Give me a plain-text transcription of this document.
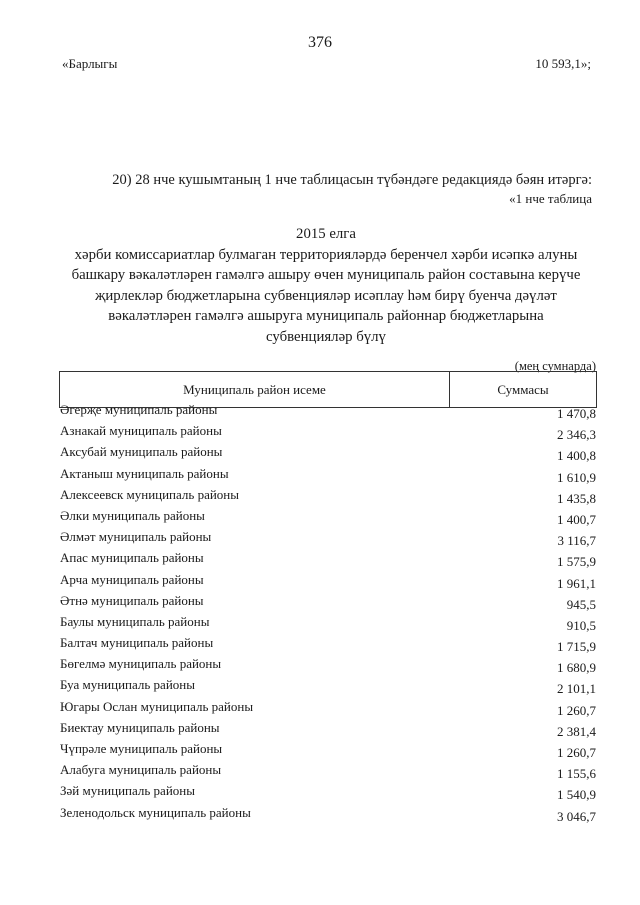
376
«Барлыгы	10 593,1»;
20) 28 нче кушымтаның 1 нче таблицасын түбәндәге редакциядә бәян итәргә:
«1 нче таблица
2015 елга
хәрби комиссариатлар булмаган территорияләрдә беренчел хәрби исәпкә алуны
башкару вәкаләтләрен гамәлгә ашыру өчен муниципаль район составына керүче
җирлекләр бюджетларына субвенцияләр исәплау һәм бирү буенча дәүләт
вәкаләтләрен гамәлгә ашыруга муниципаль районнар бюджетларына
субвенцияләр бүлү
(мең сумнарда)
Муниципаль район исеме	Суммасы
Әгерҗе муниципаль районы	1 470,8
Азнакай муниципаль районы	2 346,3
Аксубай муниципаль районы	1 400,8
Актаныш муниципаль районы	1 610,9
Алексеевск муниципаль районы	1 435,8
Әлки муниципаль районы	1 400,7
Әлмәт муниципаль районы	3 116,7
Апас муниципаль районы	1 575,9
Арча муниципаль районы	1 961,1
Әтнә муниципаль районы	945,5
Баулы муниципаль районы	910,5
Балтач муниципаль районы	1 715,9
Бөгелмә муниципаль районы	1 680,9
Буа муниципаль районы	2 101,1
Югары Ослан муниципаль районы	1 260,7
Биектау муниципаль районы	2 381,4
Чүпрәле муниципаль районы	1 260,7
Алабуга муниципаль районы	1 155,6
Зәй муниципаль районы	1 540,9
Зеленодольск муниципаль районы	3 046,7
